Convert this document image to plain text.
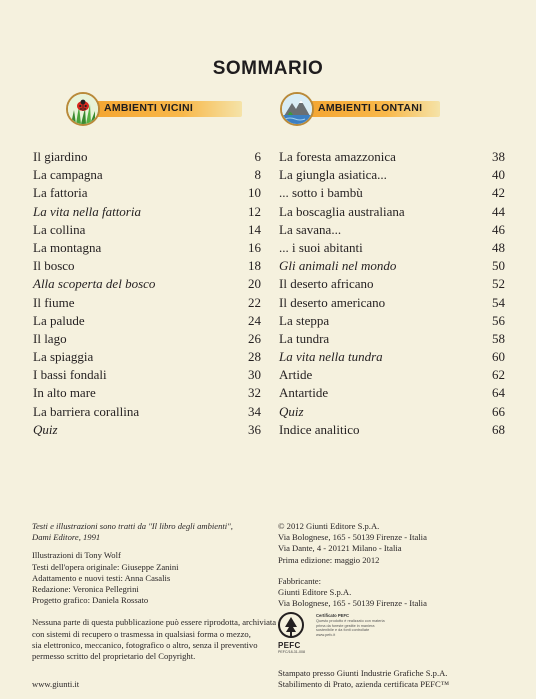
SOMMARIO
AMBIENTI VICINI	AMBIENTI LONTANI
Il giardino	6
La campagna	8
La fattoria	10
La vita nella fattoria	12
La collina	14
La montagna	16
Il bosco	18
Alla scoperta del bosco	20
Il fiume	22
La palude	24
Il lago	26
La spiaggia	28
I bassi fondali	30
In alto mare	32
La barriera corallina	34
Quiz	36
La foresta amazzonica	38
La giungla asiatica...	40
... sotto i bambù	42
La boscaglia australiana	44
La savana...	46
... i suoi abitanti	48
Gli animali nel mondo	50
Il deserto africano	52
Il deserto americano	54
La steppa	56
La tundra	58
La vita nella tundra	60
Artide	62
Antartide	64
Quiz	66
Indice analitico	68
Testi e illustrazioni sono tratti da "Il libro degli ambienti",
Dami Editore, 1991
Illustrazioni di Tony Wolf
Testi dell'opera originale: Giuseppe Zanini
Adattamento e nuovi testi: Anna Casalis
Redazione: Veronica Pellegrini
Progetto grafico: Daniela Rossato
Nessuna parte di questa pubblicazione può essere riprodotta, archiviata
con sistemi di recupero o trasmessa in qualsiasi forma o mezzo,
sia elettronico, meccanico, fotografico o altro, senza il preventivo
permesso scritto del proprietario del Copyright.
www.giunti.it
© 2012 Giunti Editore S.p.A.
Via Bolognese, 165 - 50139 Firenze - Italia
Via Dante, 4 - 20121 Milano - Italia
Prima edizione: maggio 2012
Fabbricante:
Giunti Editore S.p.A.
Via Bolognese, 165 - 50139 Firenze - Italia
PEFC
PEFC/18-31-008
Certificato PEFC
Questo prodotto è realizzato con materia prima da foreste gestite in maniera sostenibile e da fonti controllate
www.pefc.it
Stampato presso Giunti Industrie Grafiche S.p.A.
Stabilimento di Prato, azienda certificata PEFC™
